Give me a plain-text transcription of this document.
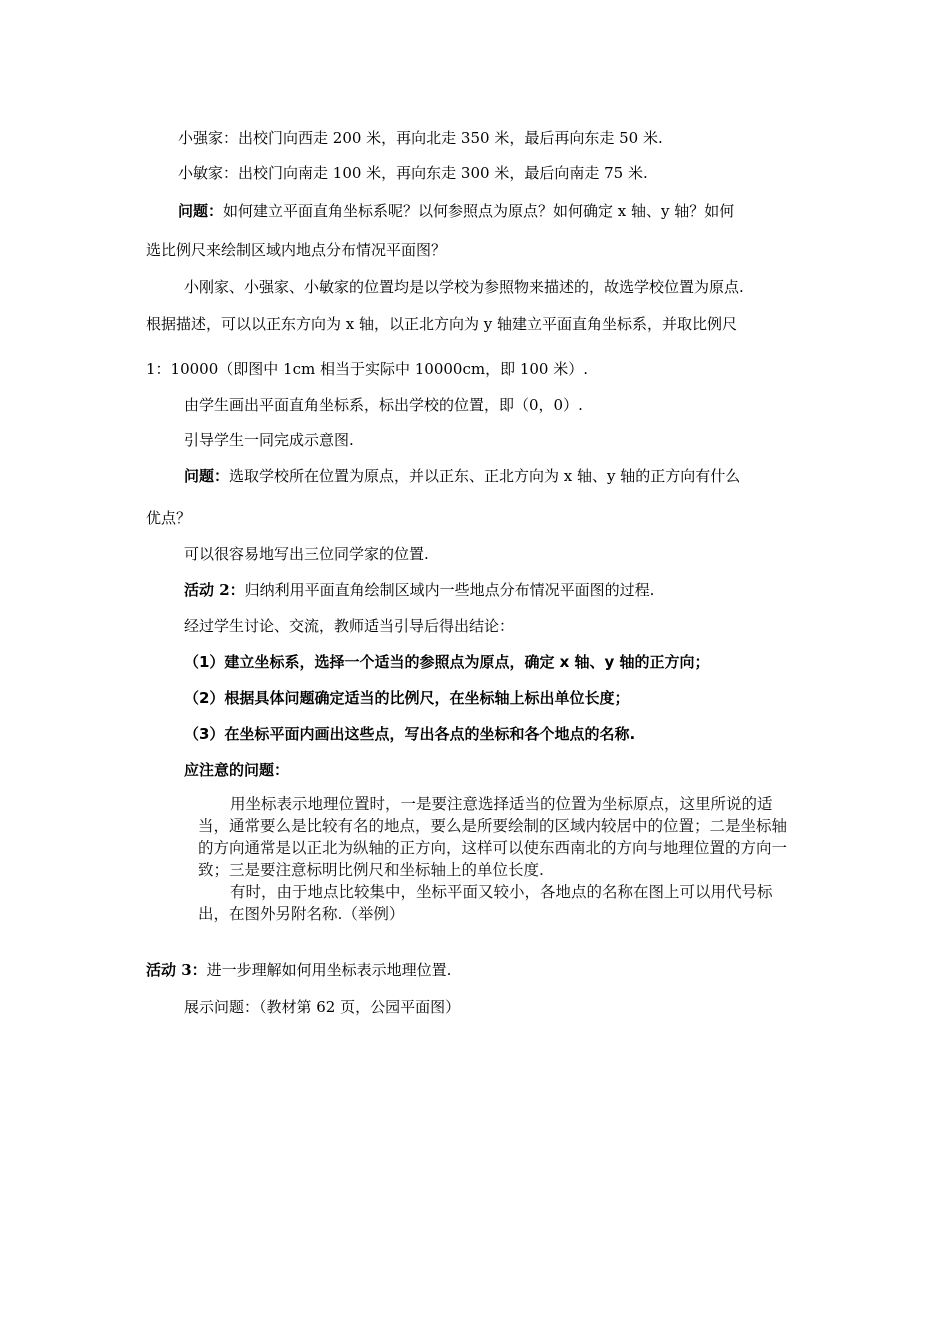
小强家：出校门向西走 200 米，再向北走 350 米，最后再向东走 50 米.
小敏家：出校门向南走 100 米，再向东走 300 米，最后向南走 75 米.
问题：如何建立平面直角坐标系呢？以何参照点为原点？如何确定 x 轴、y 轴？如何
选比例尺来绘制区域内地点分布情况平面图？
小刚家、小强家、小敏家的位置均是以学校为参照物来描述的，故选学校位置为原点.
根据描述，可以以正东方向为 x 轴，以正北方向为 y 轴建立平面直角坐标系，并取比例尺
1：10000（即图中 1cm 相当于实际中 10000cm，即 100 米）.
由学生画出平面直角坐标系，标出学校的位置，即（0，0）.
引导学生一同完成示意图.
问题：选取学校所在位置为原点，并以正东、正北方向为 x 轴、y 轴的正方向有什么
优点？
可以很容易地写出三位同学家的位置.
活动 2：归纳利用平面直角绘制区域内一些地点分布情况平面图的过程.
经过学生讨论、交流，教师适当引导后得出结论：
（1）建立坐标系，选择一个适当的参照点为原点，确定 x 轴、y 轴的正方向；
（2）根据具体问题确定适当的比例尺，在坐标轴上标出单位长度；
（3）在坐标平面内画出这些点，写出各点的坐标和各个地点的名称.
应注意的问题：

用坐标表示地理位置时，一是要注意选择适当的位置为坐标原点，这里所说的适当，通常要么是比较有名的地点，要么是所要绘制的区域内较居中的位置；二是坐标轴的方向通常是以正北为纵轴的正方向，这样可以使东西南北的方向与地理位置的方向一致；三是要注意标明比例尺和坐标轴上的单位长度.

有时，由于地点比较集中，坐标平面又较小，各地点的名称在图上可以用代号标出，在图外另附名称.（举例）

活动 3：进一步理解如何用坐标表示地理位置.
展示问题：（教材第 62 页，公园平面图）
